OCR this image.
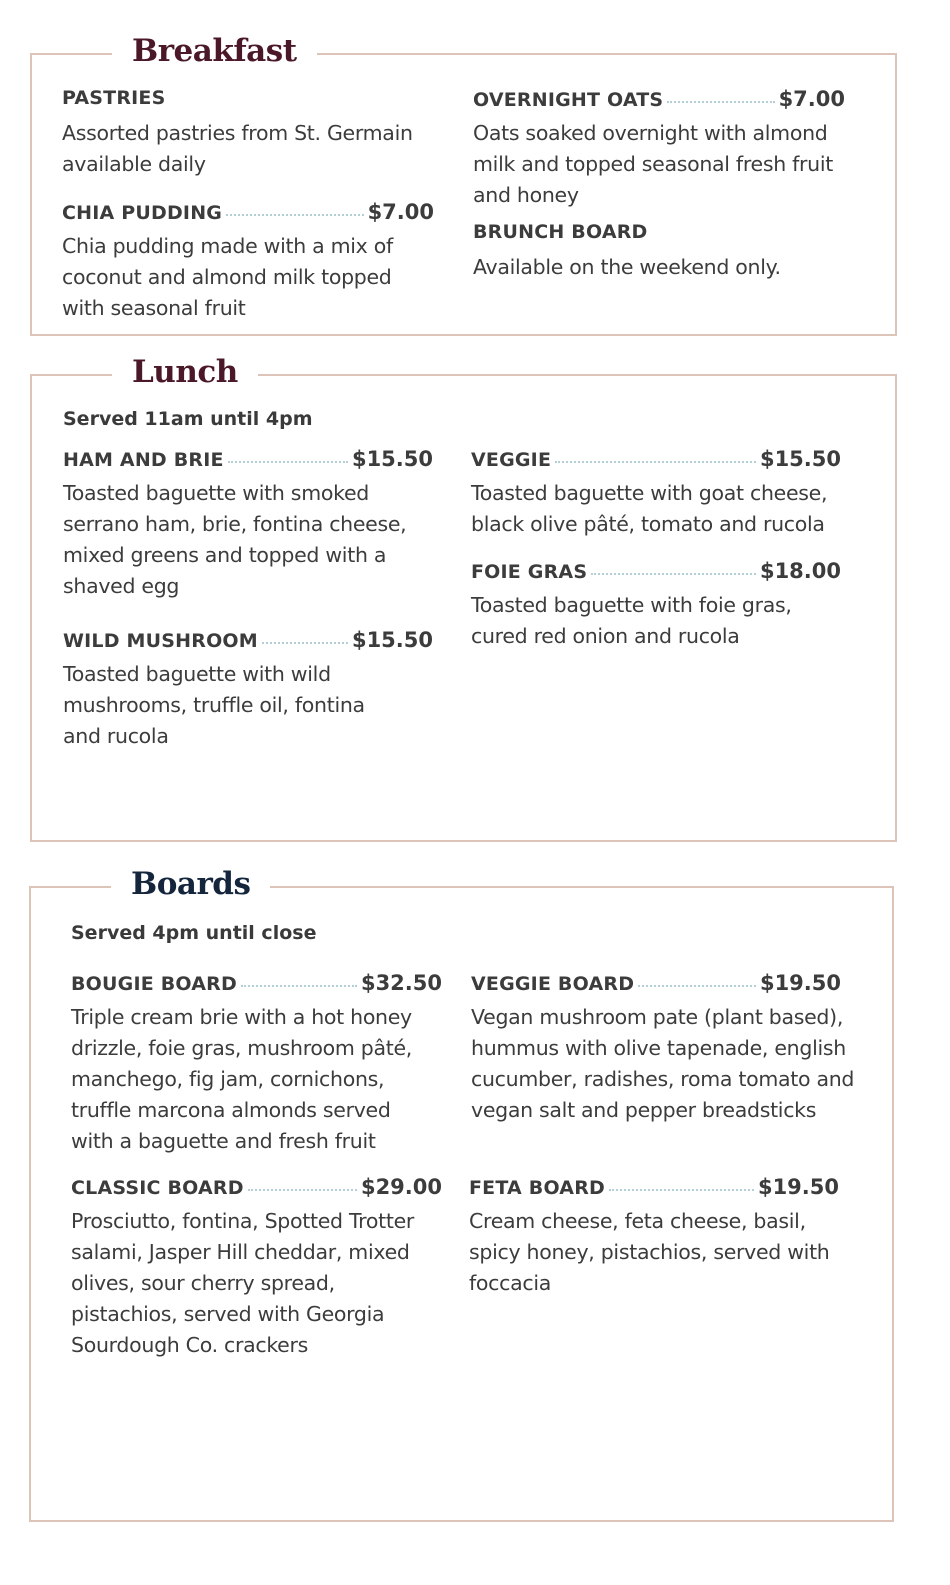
Breakfast
PASTRIES
Assorted pastries from St. Germain available daily
CHIA PUDDING	$7.00
Chia pudding made with a mix of coconut and almond milk topped with seasonal fruit
OVERNIGHT OATS	$7.00
Oats soaked overnight with almond milk and topped seasonal fresh fruit and honey
BRUNCH BOARD
Available on the weekend only.
Lunch
Served 11am until 4pm
HAM AND BRIE	$15.50
Toasted baguette with smoked serrano ham, brie, fontina cheese, mixed greens and topped with a shaved egg
WILD MUSHROOM	$15.50
Toasted baguette with wild mushrooms, truffle oil, fontina and rucola
VEGGIE	$15.50
Toasted baguette with goat cheese, black olive pâté, tomato and rucola
FOIE GRAS	$18.00
Toasted baguette with foie gras, cured red onion and rucola
Boards
Served 4pm until close
BOUGIE BOARD	$32.50
Triple cream brie with a hot honey drizzle, foie gras, mushroom pâté, manchego, fig jam, cornichons, truffle marcona almonds served with a baguette and fresh fruit
CLASSIC BOARD	$29.00
Prosciutto, fontina, Spotted Trotter salami, Jasper Hill cheddar, mixed olives, sour cherry spread, pistachios, served with Georgia Sourdough Co. crackers
VEGGIE BOARD	$19.50
Vegan mushroom pate (plant based), hummus with olive tapenade, english cucumber, radishes, roma tomato and vegan salt and pepper breadsticks
FETA BOARD	$19.50
Cream cheese, feta cheese, basil, spicy honey, pistachios, served with foccacia
